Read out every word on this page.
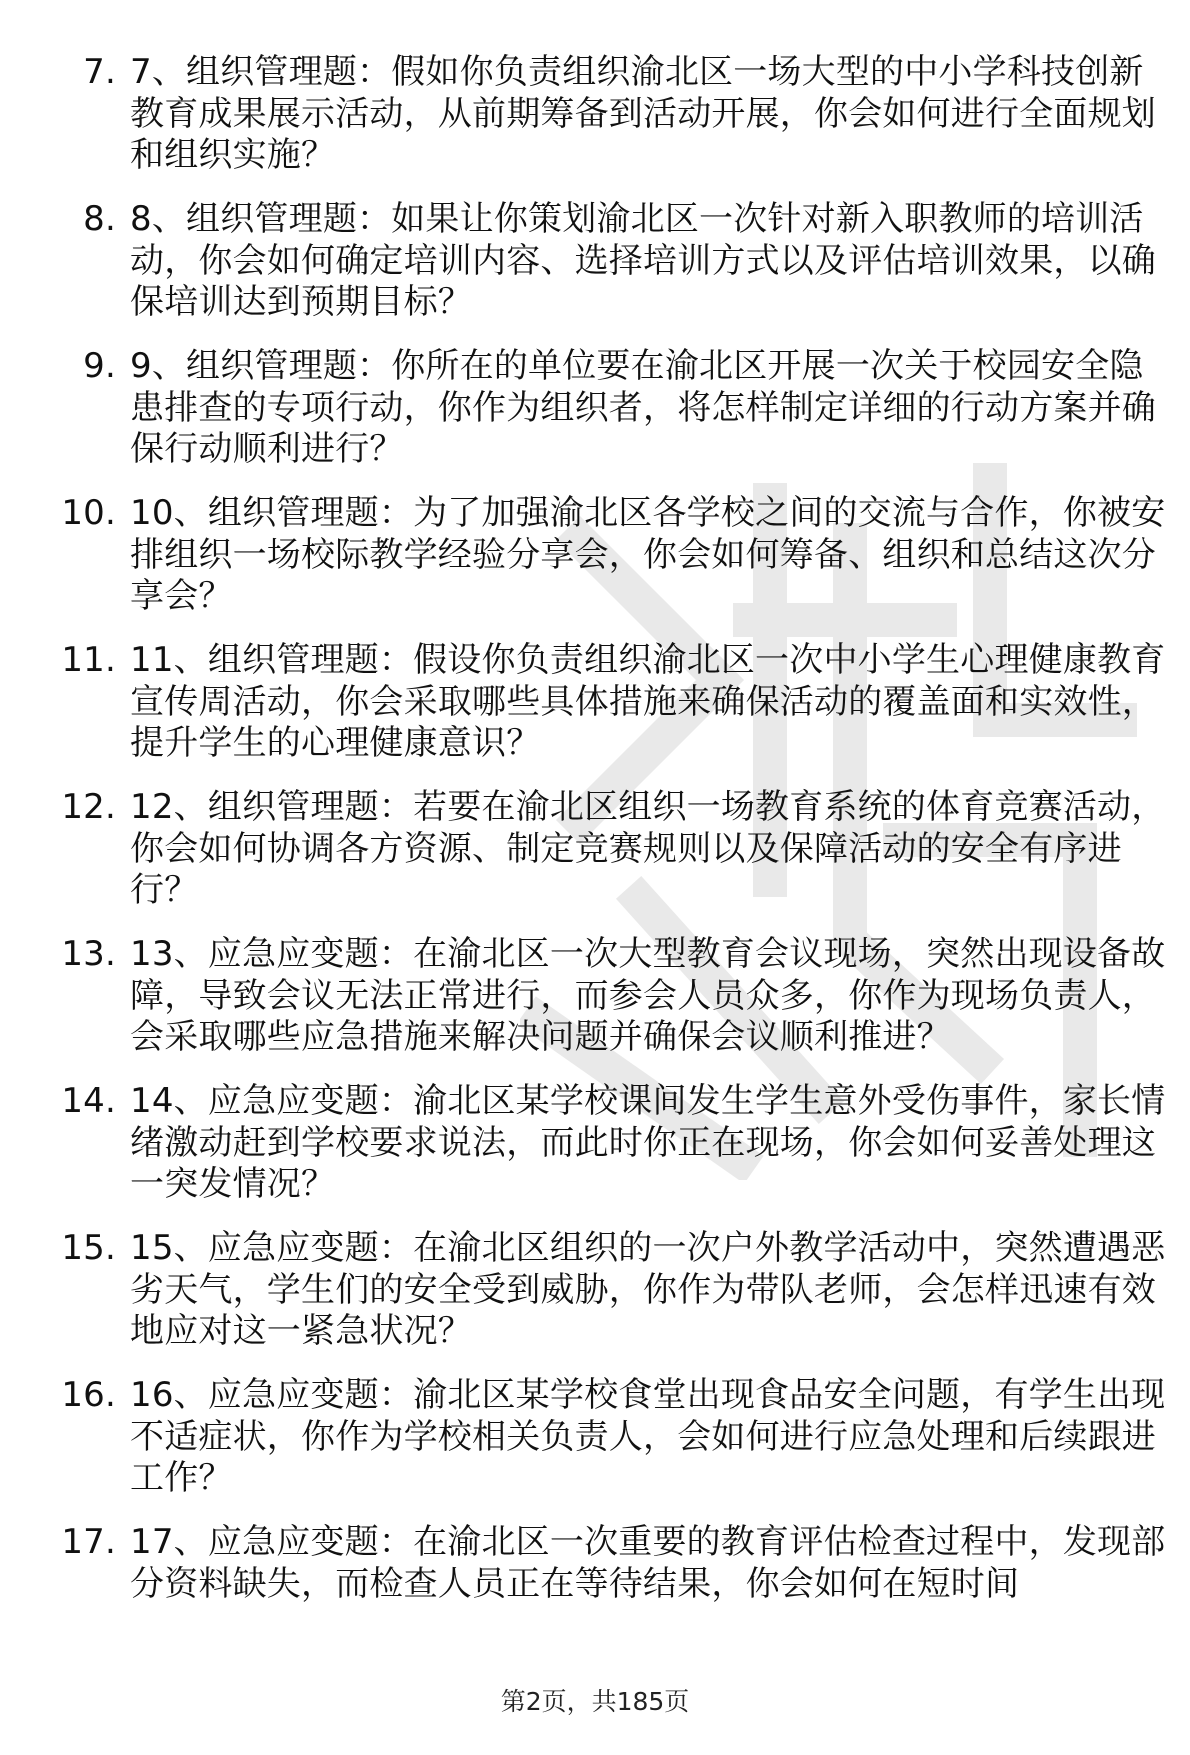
7. 7、组织管理题：假如你负责组织渝北区一场大型的中小学科技创新教育成果展示活动，从前期筹备到活动开展，你会如何进行全面规划和组织实施？
8. 8、组织管理题：如果让你策划渝北区一次针对新入职教师的培训活动，你会如何确定培训内容、选择培训方式以及评估培训效果，以确保培训达到预期目标？
9. 9、组织管理题：你所在的单位要在渝北区开展一次关于校园安全隐患排查的专项行动，你作为组织者，将怎样制定详细的行动方案并确保行动顺利进行？
10. 10、组织管理题：为了加强渝北区各学校之间的交流与合作，你被安排组织一场校际教学经验分享会，你会如何筹备、组织和总结这次分享会？
11. 11、组织管理题：假设你负责组织渝北区一次中小学生心理健康教育宣传周活动，你会采取哪些具体措施来确保活动的覆盖面和实效性，提升学生的心理健康意识？
12. 12、组织管理题：若要在渝北区组织一场教育系统的体育竞赛活动，你会如何协调各方资源、制定竞赛规则以及保障活动的安全有序进行？
13. 13、应急应变题：在渝北区一次大型教育会议现场，突然出现设备故障，导致会议无法正常进行，而参会人员众多，你作为现场负责人，会采取哪些应急措施来解决问题并确保会议顺利推进？
14. 14、应急应变题：渝北区某学校课间发生学生意外受伤事件，家长情绪激动赶到学校要求说法，而此时你正在现场，你会如何妥善处理这一突发情况？
15. 15、应急应变题：在渝北区组织的一次户外教学活动中，突然遭遇恶劣天气，学生们的安全受到威胁，你作为带队老师，会怎样迅速有效地应对这一紧急状况？
16. 16、应急应变题：渝北区某学校食堂出现食品安全问题，有学生出现不适症状，你作为学校相关负责人，会如何进行应急处理和后续跟进工作？
17. 17、应急应变题：在渝北区一次重要的教育评估检查过程中，发现部分资料缺失，而检查人员正在等待结果，你会如何在短时间
第2页，共185页
